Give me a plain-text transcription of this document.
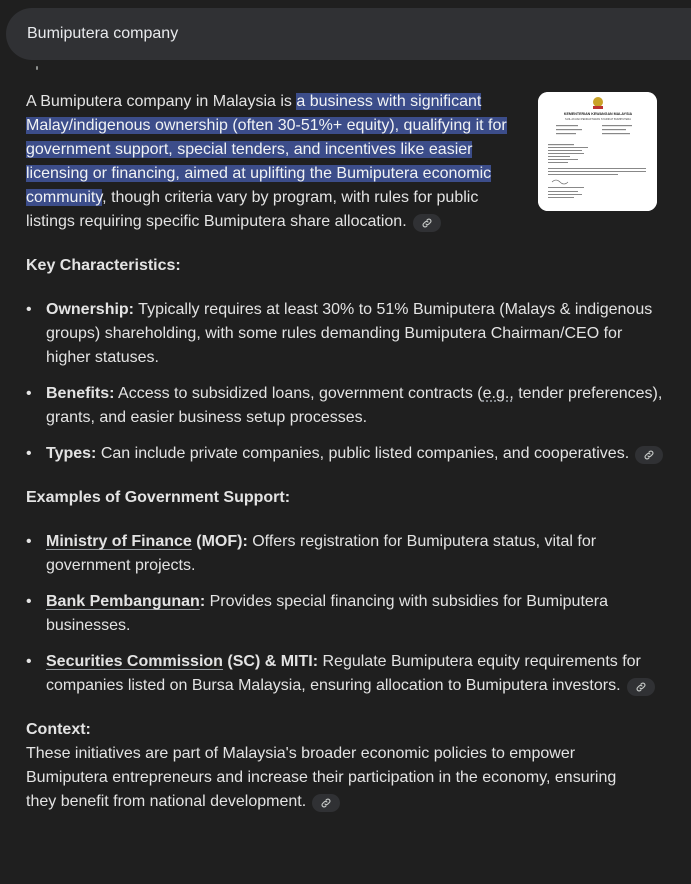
Bumiputera company

A Bumiputera company in Malaysia is a business with significant Malay/indigenous ownership (often 30-51%+ equity), qualifying it for government support, special tenders, and incentives like easier licensing or financing, aimed at uplifting the Bumiputera economic community, though criteria vary by program, with rules for public listings requiring specific Bumiputera share allocation.

KEMENTERIAN KEWANGAN MALAYSIA
SIJIL AKUAN PENDAFTARAN SYARIKAT BUMIPUTERA
Key Characteristics:
• Ownership: Typically requires at least 30% to 51% Bumiputera (Malays & indigenous groups) shareholding, with some rules demanding Bumiputera Chairman/CEO for higher statuses.
• Benefits: Access to subsidized loans, government contracts (e.g., tender preferences), grants, and easier business setup processes.
• Types: Can include private companies, public listed companies, and cooperatives.
Examples of Government Support:
• Ministry of Finance (MOF): Offers registration for Bumiputera status, vital for government projects.
• Bank Pembangunan: Provides special financing with subsidies for Bumiputera businesses.
• Securities Commission (SC) & MITI: Regulate Bumiputera equity requirements for companies listed on Bursa Malaysia, ensuring allocation to Bumiputera investors.
Context:

These initiatives are part of Malaysia's broader economic policies to empower Bumiputera entrepreneurs and increase their participation in the economy, ensuring they benefit from national development.
